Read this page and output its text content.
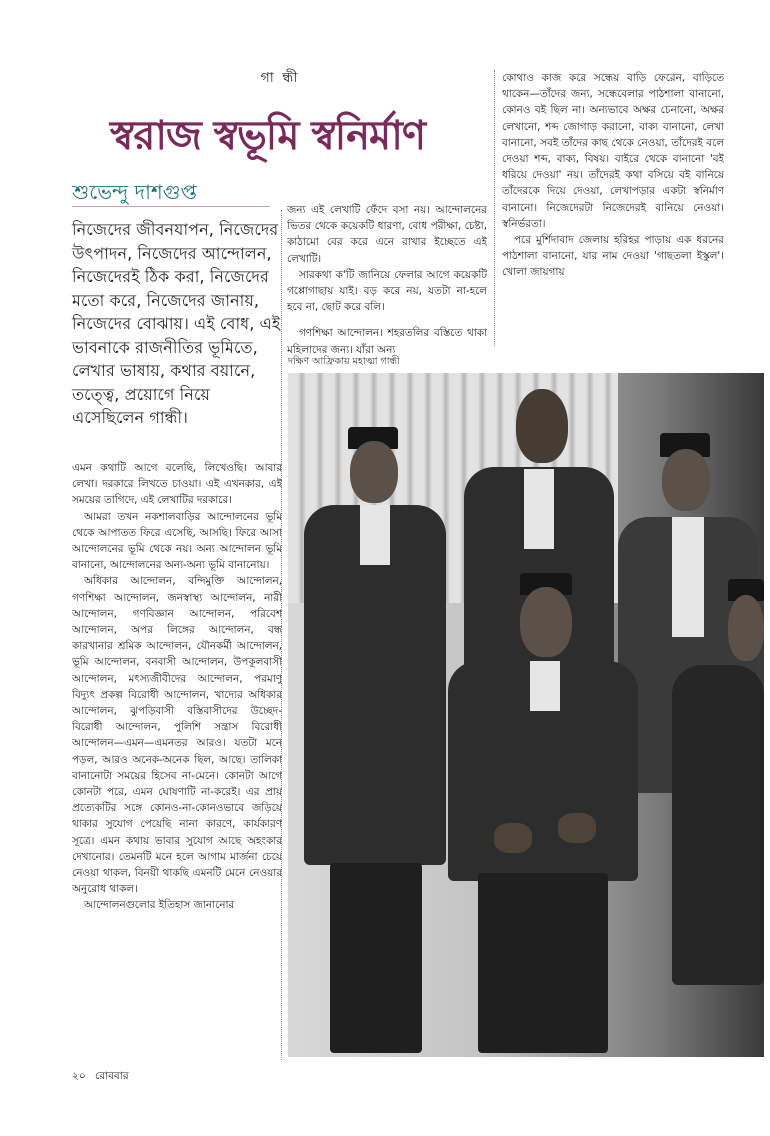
গা ন্ধী
স্বরাজ স্বভূমি স্বনির্মাণ
শুভেন্দু দাশগুপ্ত
নিজেদের জীবনযাপন, নিজেদের উৎপাদন, নিজেদের আন্দোলন, নিজেদেরই ঠিক করা, নিজেদের মতো করে, নিজেদের জানায়, নিজেদের বোঝায়। এই বোধ, এই ভাবনাকে রাজনীতির ভূমিতে, লেখার ভাষায়, কথার বয়ানে, তত্ত্বে, প্রয়োগে নিয়ে এসেছিলেন গান্ধী।

এমন কথাটি আগে বলেছি, লিখেওছি। আবার লেখা। দরকারে লিখতে চাওয়া। এই এখনকার, এই সময়ের তাগিদে, এই লেখাটির দরকারে।

আমরা তখন নকশালবাড়ির আন্দোলনের ভূমি থেকে আপাতত ফিরে এসেছি, আসছি। ফিরে আসা আন্দোলনের ভূমি থেকে নয়। অন্য আন্দোলন ভূমি বানানো, আন্দোলনের অন্য-অন্য ভূমি বানানোয়।

অধিকার আন্দোলন, বন্দিমুক্তি আন্দোলন, গণশিক্ষা আন্দোলন, জনস্বাস্থ্য আন্দোলন, নারী আন্দোলন, গণবিজ্ঞান আন্দোলন, পরিবেশ আন্দোলন, অপর লিঙ্গের আন্দোলন, বন্ধ কারখানার শ্রমিক আন্দোলন, যৌনকর্মী আন্দোলন, ভূমি আন্দোলন, বনবাসী আন্দোলন, উপকূলবাসী আন্দোলন, মৎস্যজীবীদের আন্দোলন, পরমাণু বিদ্যুৎ প্রকল্প বিরোধী আন্দোলন, খাদ্যের অধিকার আন্দোলন, ঝুপড়িবাসী বস্তিবাসীদের উচ্ছেদ-বিরোধী আন্দোলন, পুলিশি সন্ত্রাস বিরোধী আন্দোলন—এমন—এমনতর আরও। যতটা মনে পড়ল, আরও অনেক-অনেক ছিল, আছে। তালিকা বানানোটা সময়ের হিসেব না-মেনে। কোনটা আগে কোনটা পরে, এমন ঘোষণাটি না-করেই। এর প্রায় প্রত্যেকটির সঙ্গে কোনও-না-কোনওভাবে জড়িয়ে থাকার সুযোগ পেয়েছি নানা কারণে, কার্যকারণ সূত্রে। এমন কথায় ভাবার সুযোগ আছে অহংকার দেখানোর। তেমনটি মনে হলে আগাম মার্জনা চেয়ে নেওয়া থাকল, বিনয়ী থাকছি এমনটি মেনে নেওয়ার অনুরোধ থাকল।

আন্দোলনগুলোর ইতিহাস জানানোর

জন্য এই লেখাটি ফেঁদে বসা নয়। আন্দোলনের ভিতর থেকে কয়েকটি ধারণা, বোধ পরীক্ষা, চেষ্টা, কাঠামো বের করে এনে রাখার ইচ্ছেতে এই লেখাটি।

সারকথা ক'টি জানিয়ে ফেলার আগে কয়েকটি গপ্পোগাছায় যাই। বড় করে নয়, যতটা না-হলে হবে না, ছোট করে বলি।

গণশিক্ষা আন্দোলন। শহরতলির বস্তিতে থাকা মহিলাদের জন্য। যাঁরা অন্য

কোথাও কাজ করে সন্ধেয় বাড়ি ফেরেন, বাড়িতে থাকেন—তাঁদের জন্য, সন্ধেবেলার পাঠশালা বানানো, কোনও বই ছিল না। অন্যভাবে অক্ষর চেনানো, অক্ষর লেখানো, শব্দ জোগাড় করানো, বাক্য বানানো, লেখা বানানো, সবই তাঁদের কাছ থেকে নেওয়া, তাঁদেরই বলে দেওয়া শব্দ, বাক্য, বিষয়। বাইরে থেকে বানানো 'বই ধরিয়ে দেওয়া' নয়। তাঁদেরই কথা বসিয়ে বই বানিয়ে তাঁদেরকে দিয়ে দেওয়া, লেখাপড়ার একটা স্বনির্মাণ বানানো। নিজেদেরটা নিজেদেরই বানিয়ে নেওয়া। স্বনির্ভরতা।

পরে মুর্শিদাবাদ জেলায় হরিহর পাড়ায় এক ধরনের পাঠশালা বানানো, যার নাম দেওয়া 'গাছতলা ইস্কুল'। খোলা জায়গায়

দক্ষিণ আফ্রিকায় মহাত্মা গান্ধী
২০ রোববার
